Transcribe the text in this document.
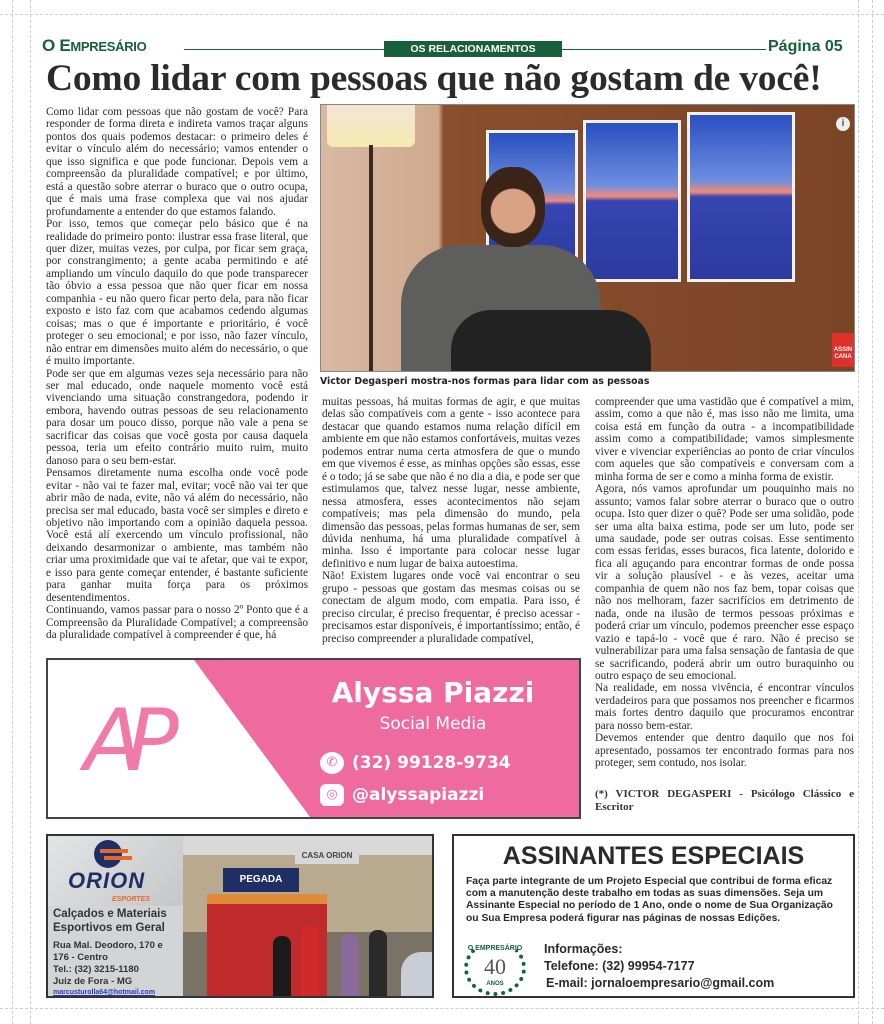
O EMPRESÁRIO	OS RELACIONAMENTOS	Página 05
Como lidar com pessoas que não gostam de você!

Como lidar com pessoas que não gostam de você? Para responder de forma direta e indireta vamos traçar alguns pontos dos quais podemos destacar: o primeiro deles é evitar o vínculo além do necessário; vamos entender o que isso significa e que pode funcionar. Depois vem a compreensão da pluralidade compatível; e por último, está a questão sobre aterrar o buraco que o outro ocupa, que é mais uma frase complexa que vai nos ajudar profundamente a entender do que estamos falando.

Por isso, temos que começar pelo básico que é na realidade do primeiro ponto: ilustrar essa frase literal, que quer dizer, muitas vezes, por culpa, por ficar sem graça, por constrangimento; a gente acaba permitindo e até ampliando um vínculo daquilo do que pode transparecer tão óbvio a essa pessoa que não quer ficar em nossa companhia - eu não quero ficar perto dela, para não ficar exposto e isto faz com que acabamos cedendo algumas coisas; mas o que é importante e prioritário, é você proteger o seu emocional; e por isso, não fazer vínculo, não entrar em dimensões muito além do necessário, o que é muito importante.

Pode ser que em algumas vezes seja necessário para não ser mal educado, onde naquele momento você está vivenciando uma situação constrangedora, podendo ir embora, havendo outras pessoas de seu relacionamento para dosar um pouco disso, porque não vale a pena se sacrificar das coisas que você gosta por causa daquela pessoa, teria um efeito contrário muito ruim, muito danoso para o seu bem-estar.

Pensamos diretamente numa escolha onde você pode evitar - não vai te fazer mal, evitar; você não vai ter que abrir mão de nada, evite, não vá além do necessário, não precisa ser mal educado, basta você ser simples e direto e objetivo não importando com a opinião daquela pessoa. Você está alí exercendo um vínculo profissional, não deixando desarmonizar o ambiente, mas também não criar uma proximidade que vai te afetar, que vai te expor, e isso para gente começar entender, é bastante suficiente para ganhar muita força para os próximos desentendimentos.

Continuando, vamos passar para o nosso 2º Ponto que é a Compreensão da Pluralidade Compatível; a compreensão da pluralidade compatível à compreender é que, há

i
ASSIN CANA
Victor Degasperi mostra-nos formas para lidar com as pessoas

muitas pessoas, há muitas formas de agir, e que muitas delas são compatíveis com a gente - isso acontece para destacar que quando estamos numa relação difícil em ambiente em que não estamos confortáveis, muitas vezes podemos entrar numa certa atmosfera de que o mundo em que vivemos é esse, as minhas opções são essas, esse é o todo; já se sabe que não é no dia a dia, e pode ser que estimulamos que, talvez nesse lugar, nesse ambiente, nessa atmosfera, esses acontecimentos não sejam compatíveis; mas pela dimensão do mundo, pela dimensão das pessoas, pelas formas humanas de ser, sem dúvida nenhuma, há uma pluralidade compatível à minha. Isso é importante para colocar nesse lugar definitivo e num lugar de baixa autoestima.

Não! Existem lugares onde você vai encontrar o seu grupo - pessoas que gostam das mesmas coisas ou se conectam de algum modo, com empatia. Para isso, é preciso circular, é preciso frequentar, é preciso acessar - precisamos estar disponíveis, é importantíssimo; então, é preciso compreender a pluralidade compatível,

compreender que uma vastidão que é compatível a mim, assim, como a que não é, mas isso não me limita, uma coisa está em função da outra - a incompatibilidade assim como a compatibilidade; vamos simplesmente viver e vivenciar experiências ao ponto de criar vínculos com aqueles que são compatíveis e conversam com a minha forma de ser e como a minha forma de existir.

Agora, nós vamos aprofundar um pouquinho mais no assunto; vamos falar sobre aterrar o buraco que o outro ocupa. Isto quer dizer o quê? Pode ser uma solidão, pode ser uma alta baixa estima, pode ser um luto, pode ser uma saudade, pode ser outras coisas. Esse sentimento com essas feridas, esses buracos, fica latente, dolorido e fica ali aguçando para encontrar formas de onde possa vir a solução plausível - e às vezes, aceitar uma companhia de quem não nos faz bem, topar coisas que não nos melhoram, fazer sacrifícios em detrimento de nada, onde na ilusão de termos pessoas próximas e poderá criar um vínculo, podemos preencher esse espaço vazio e tapá-lo - você que é raro. Não é preciso se vulnerabilizar para uma falsa sensação de fantasia de que se sacrificando, poderá abrir um outro buraquinho ou outro espaço de seu emocional.

Na realidade, em nossa vivência, é encontrar vínculos verdadeiros para que possamos nos preencher e ficarmos mais fortes dentro daquilo que procuramos encontrar para nosso bem-estar.

Devemos entender que dentro daquilo que nos foi apresentado, possamos ter encontrado formas para nos proteger, sem contudo, nos isolar.

(*) VICTOR DEGASPERI - Psicólogo Clássico e Escritor
AP	Alyssa Piazzi
Social Media
✆ (32) 99128-9734
◎ @alyssapiazzi
PEGADA
CASA ORION
ORION
ESPORTES
Calçados e Materiais
Esportivos em Geral
Rua Mal. Deodoro, 170 e
176 - Centro
Tel.: (32) 3215-1180
Juiz de Fora - MG
marcusturolla64@hotmail.com
ASSINANTES ESPECIAIS
Faça parte integrante de um Projeto Especial que contribui de forma eficaz com a manutenção deste trabalho em todas as suas dimensões. Seja um Assinante Especial no período de 1 Ano, onde o nome de Sua Organização ou Sua Empresa poderá figurar nas páginas de nossas Edições.
O EMPRESÁRIO
40
ANOS
Informações:
Telefone: (32) 99954-7177
E-mail: jornaloempresario@gmail.com
